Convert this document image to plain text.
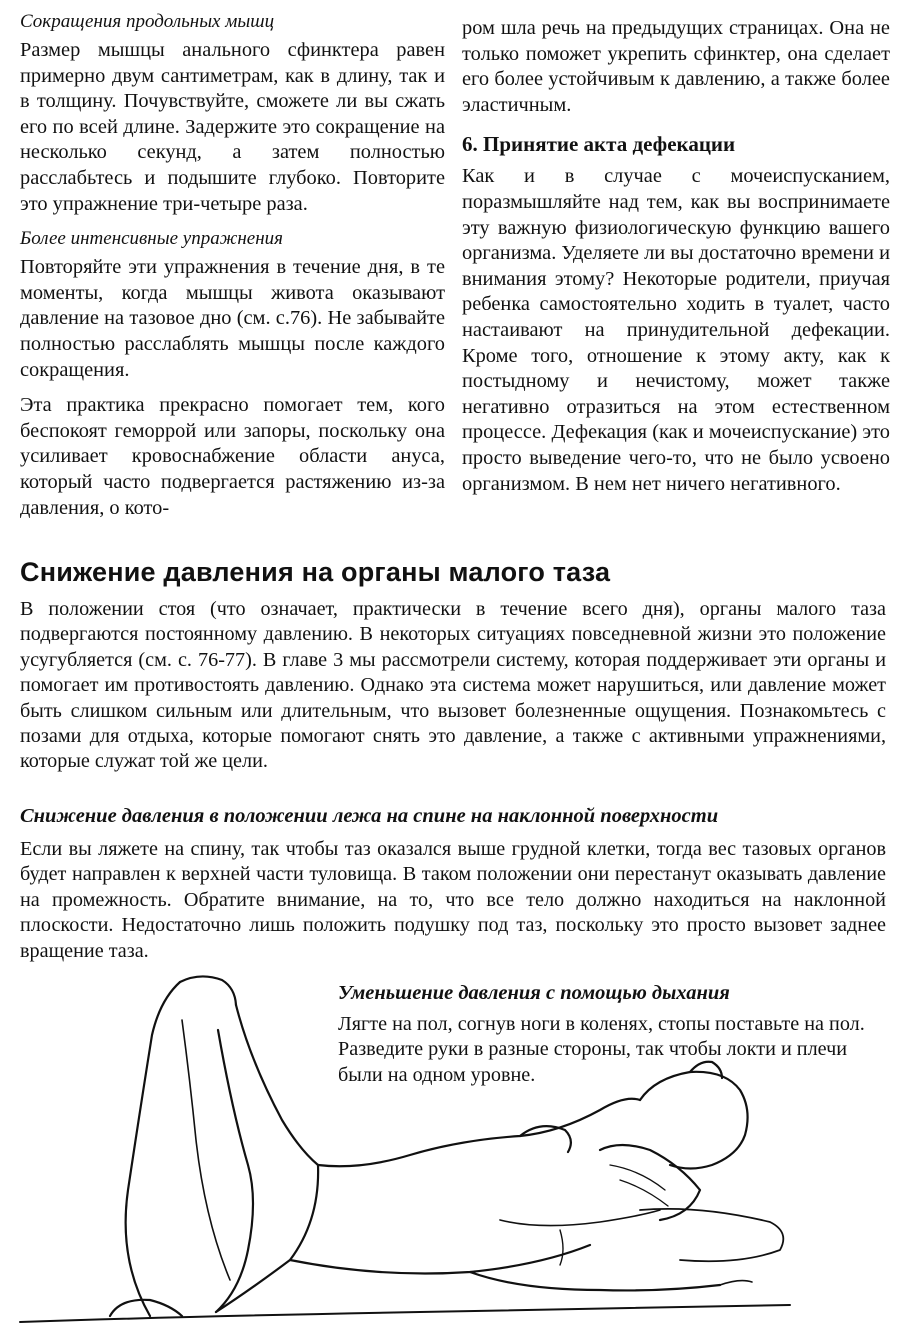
Сокращения продольных мышц

Размер мышцы анального сфинктера равен примерно двум сантиметрам, как в длину, так и в толщину. Почувствуйте, сможете ли вы сжать его по всей длине. Задержите это сокращение на несколько секунд, а затем полностью расслабьтесь и подышите глубоко. Повторите это упражнение три-четыре раза.

Более интенсивные упражнения

Повторяйте эти упражнения в течение дня, в те моменты, когда мышцы живота оказывают давление на тазовое дно (см. с.76). Не забывайте полностью расслаблять мышцы после каждого сокращения.

Эта практика прекрасно помогает тем, кого беспокоят геморрой или запоры, поскольку она усиливает кровоснабжение области ануса, который часто подвергается растяжению из-за давления, о кото-

ром шла речь на предыдущих страницах. Она не только поможет укрепить сфинктер, она сделает его более устойчивым к давлению, а также более эластичным.

6. Принятие акта дефекации

Как и в случае с мочеиспусканием, поразмышляйте над тем, как вы воспринимаете эту важную физиологическую функцию вашего организма. Уделяете ли вы достаточно времени и внимания этому? Некоторые родители, приучая ребенка самостоятельно ходить в туалет, часто настаивают на принудительной дефекации. Кроме того, отношение к этому акту, как к постыдному и нечистому, может также негативно отразиться на этом естественном процессе. Дефекация (как и мочеиспускание) это просто выведение чего-то, что не было усвоено организмом. В нем нет ничего негативного.

Снижение давления на органы малого таза

В положении стоя (что означает, практически в течение всего дня), органы малого таза подвергаются постоянному давлению. В некоторых ситуациях повседневной жизни это положение усугубляется (см. с. 76-77). В главе 3 мы рассмотрели систему, которая поддерживает эти органы и помогает им противостоять давлению. Однако эта система может нарушиться, или давление может быть слишком сильным или длительным, что вызовет болезненные ощущения. Познакомьтесь с позами для отдыха, которые помогают снять это давление, а также с активными упражнениями, которые служат той же цели.

Снижение давления в положении лежа на спине на наклонной поверхности

Если вы ляжете на спину, так чтобы таз оказался выше грудной клетки, тогда вес тазовых органов будет направлен к верхней части туловища. В таком положении они перестанут оказывать давление на промежность. Обратите внимание, на то, что все тело должно находиться на наклонной плоскости. Недостаточно лишь положить подушку под таз, поскольку это просто вызовет заднее вращение таза.

Уменьшение давления с помощью дыхания

Лягте на пол, согнув ноги в коленях, стопы поставьте на пол. Разведите руки в разные стороны, так чтобы локти и плечи были на одном уровне.
